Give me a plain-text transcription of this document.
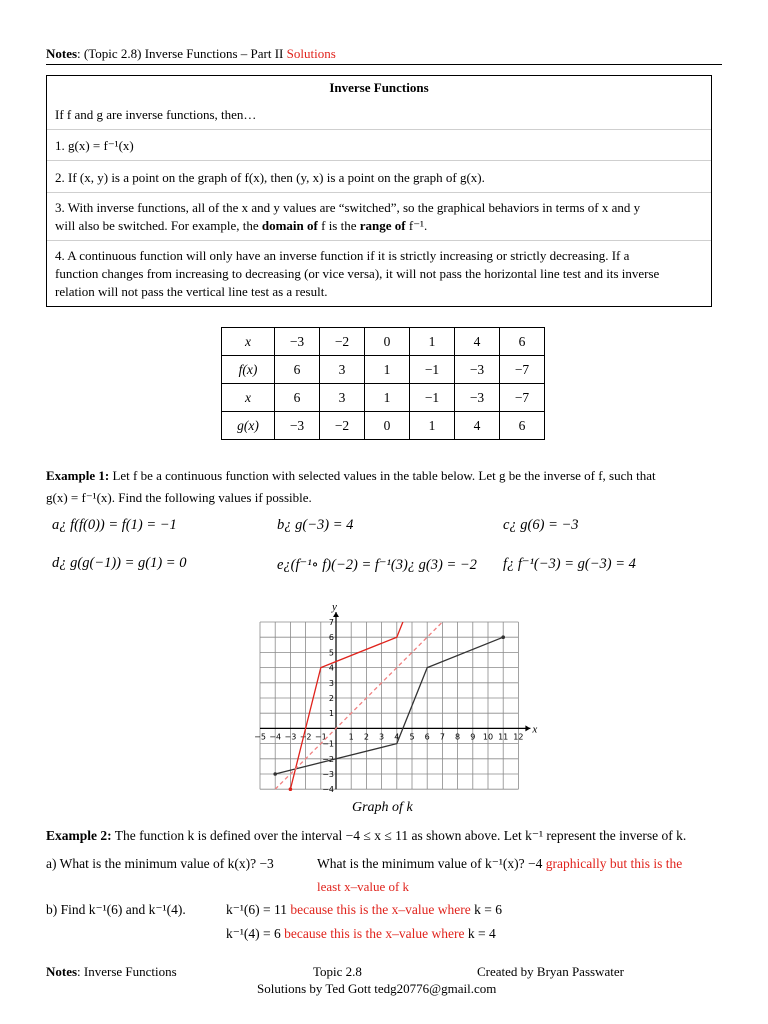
Notes: (Topic 2.8) Inverse Functions – Part II Solutions
Inverse Functions
If f and g are inverse functions, then…
1. g(x) = f⁻¹(x)
2. If (x, y) is a point on the graph of f(x), then (y, x) is a point on the graph of g(x).
3. With inverse functions, all of the x and y values are “switched”, so the graphical behaviors in terms of x and y
will also be switched. For example, the domain of f is the range of f⁻¹.
4. A continuous function will only have an inverse function if it is strictly increasing or strictly decreasing. If a
function changes from increasing to decreasing (or vice versa), it will not pass the horizontal line test and its inverse
relation will not pass the vertical line test as a result.
x	−3	−2	0	1	4	6
f(x)	6	3	1	−1	−3	−7
x	6	3	1	−1	−3	−7
g(x)	−3	−2	0	1	4	6
Example 1: Let f be a continuous function with selected values in the table below. Let g be the inverse of f, such that
g(x) = f⁻¹(x). Find the following values if possible.
a¿ f(f(0)) = f(1) = −1	b¿ g(−3) = 4	c¿ g(6) = −3
d¿ g(g(−1)) = g(1) = 0	e¿(f⁻¹∘ f)(−2) = f⁻¹(3)¿ g(3) = −2 f¿ f⁻¹(−3) = g(−3) = 4
x
y
−5 −4 −3 −2 −1	1 2 3 4 5 6 7 8 9 10 11 12
7
6
5
4
3
2
1
−1
−2
−3
−4
Graph of k
Example 2: The function k is defined over the interval −4 ≤ x ≤ 11 as shown above. Let k⁻¹ represent the inverse of k.
a) What is the minimum value of k(x)? −3	What is the minimum value of k⁻¹(x)? −4 graphically but this is the
least x–value of k
b) Find k⁻¹(6) and k⁻¹(4).	k⁻¹(6) = 11 because this is the x–value where k = 6
k⁻¹(4) = 6 because this is the x–value where k = 4
Notes: Inverse Functions	Topic 2.8	Created by Bryan Passwater
Solutions by Ted Gott tedg20776@gmail.com
